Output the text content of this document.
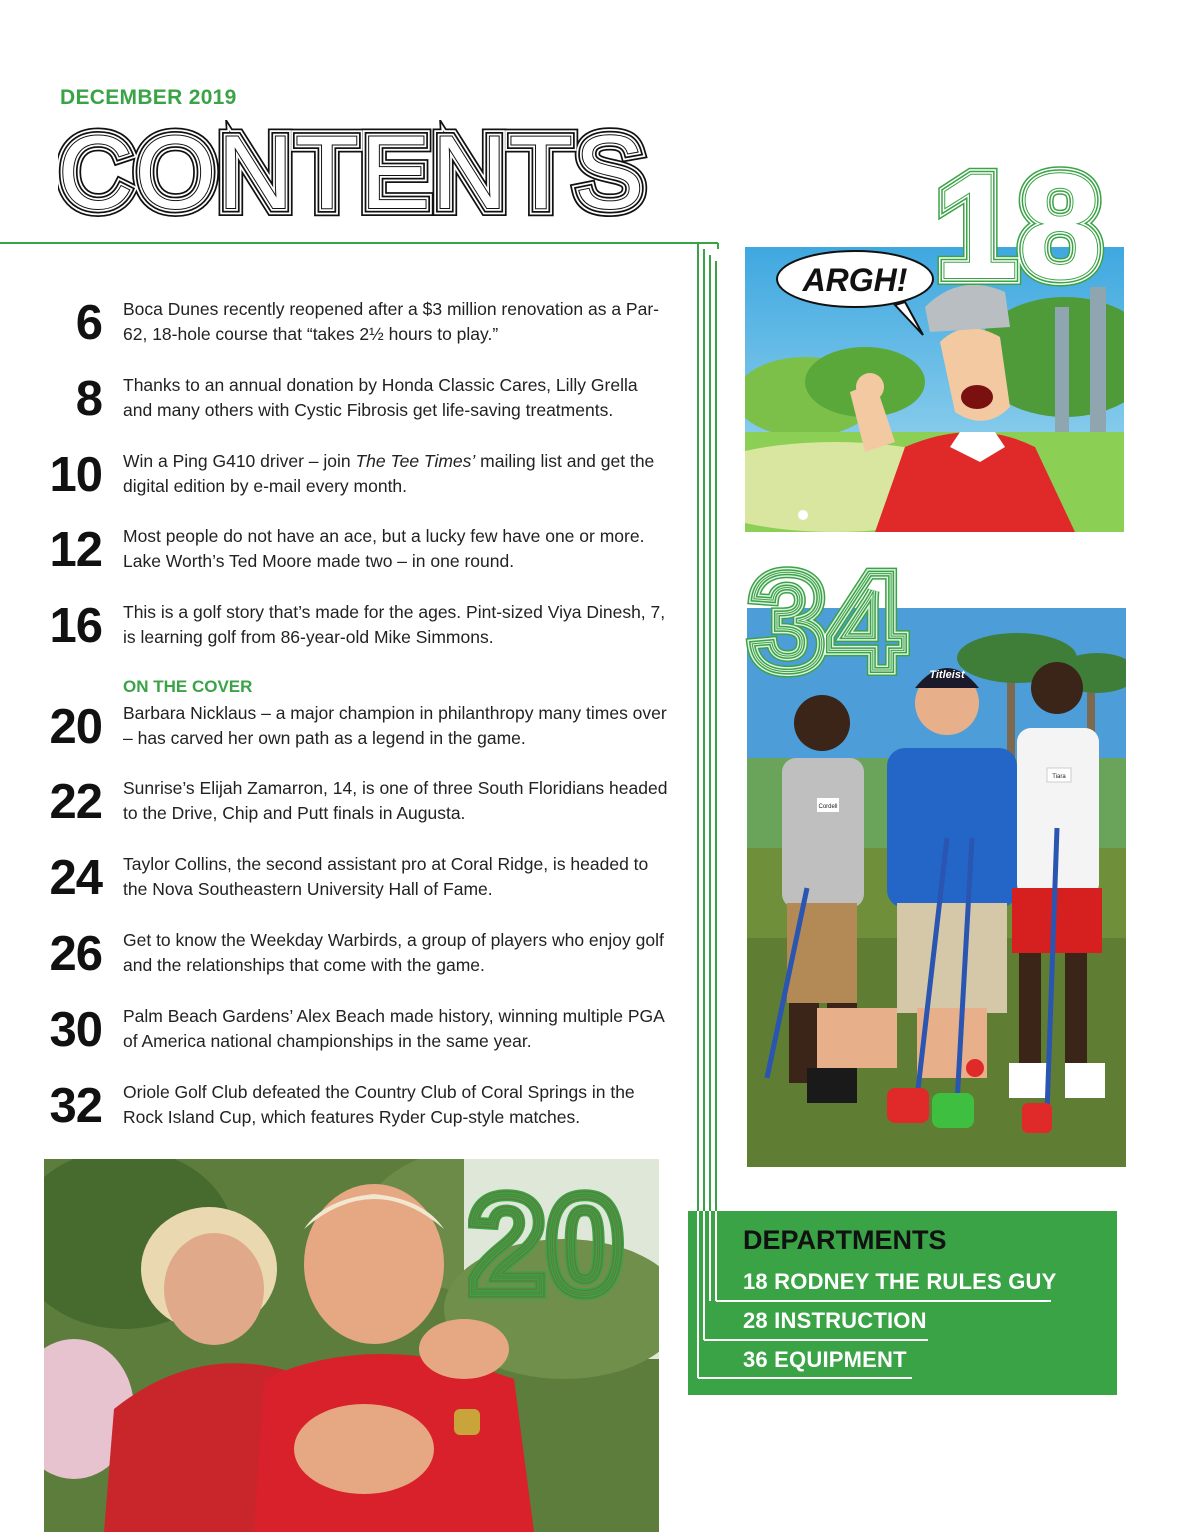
DECEMBER 2019
6 Boca Dunes recently reopened after a $3 million renovation as a Par-62, 18-hole course that “takes 2½ hours to play.”
8 Thanks to an annual donation by Honda Classic Cares, Lilly Grella and many others with Cystic Fibrosis get life-saving treatments.
10 Win a Ping G410 driver – join The Tee Times’ mailing list and get the digital edition by e-mail every month.
12 Most people do not have an ace, but a lucky few have one or more. Lake Worth’s Ted Moore made two – in one round.
16 This is a golf story that’s made for the ages. Pint-sized Viya Dinesh, 7, is learning golf from 86-year-old Mike Simmons.
ON THE COVER
20 Barbara Nicklaus – a major champion in philanthropy many times over – has carved her own path as a legend in the game.
22 Sunrise’s Elijah Zamarron, 14, is one of three South Floridians headed to the Drive, Chip and Putt finals in Augusta.
24 Taylor Collins, the second assistant pro at Coral Ridge, is headed to the Nova Southeastern University Hall of Fame.
26 Get to know the Weekday Warbirds, a group of players who enjoy golf and the relationships that come with the game.
30 Palm Beach Gardens’ Alex Beach made history, winning multiple PGA of America national championships in the same year.
32 Oriole Golf Club defeated the Country Club of Coral Springs in the Rock Island Cup, which features Ryder Cup-style matches.
ARGH!
Cordell
Titleist
Tiara
34
20	DEPARTMENTS
18 RODNEY THE RULES GUY
28 INSTRUCTION
36 EQUIPMENT
